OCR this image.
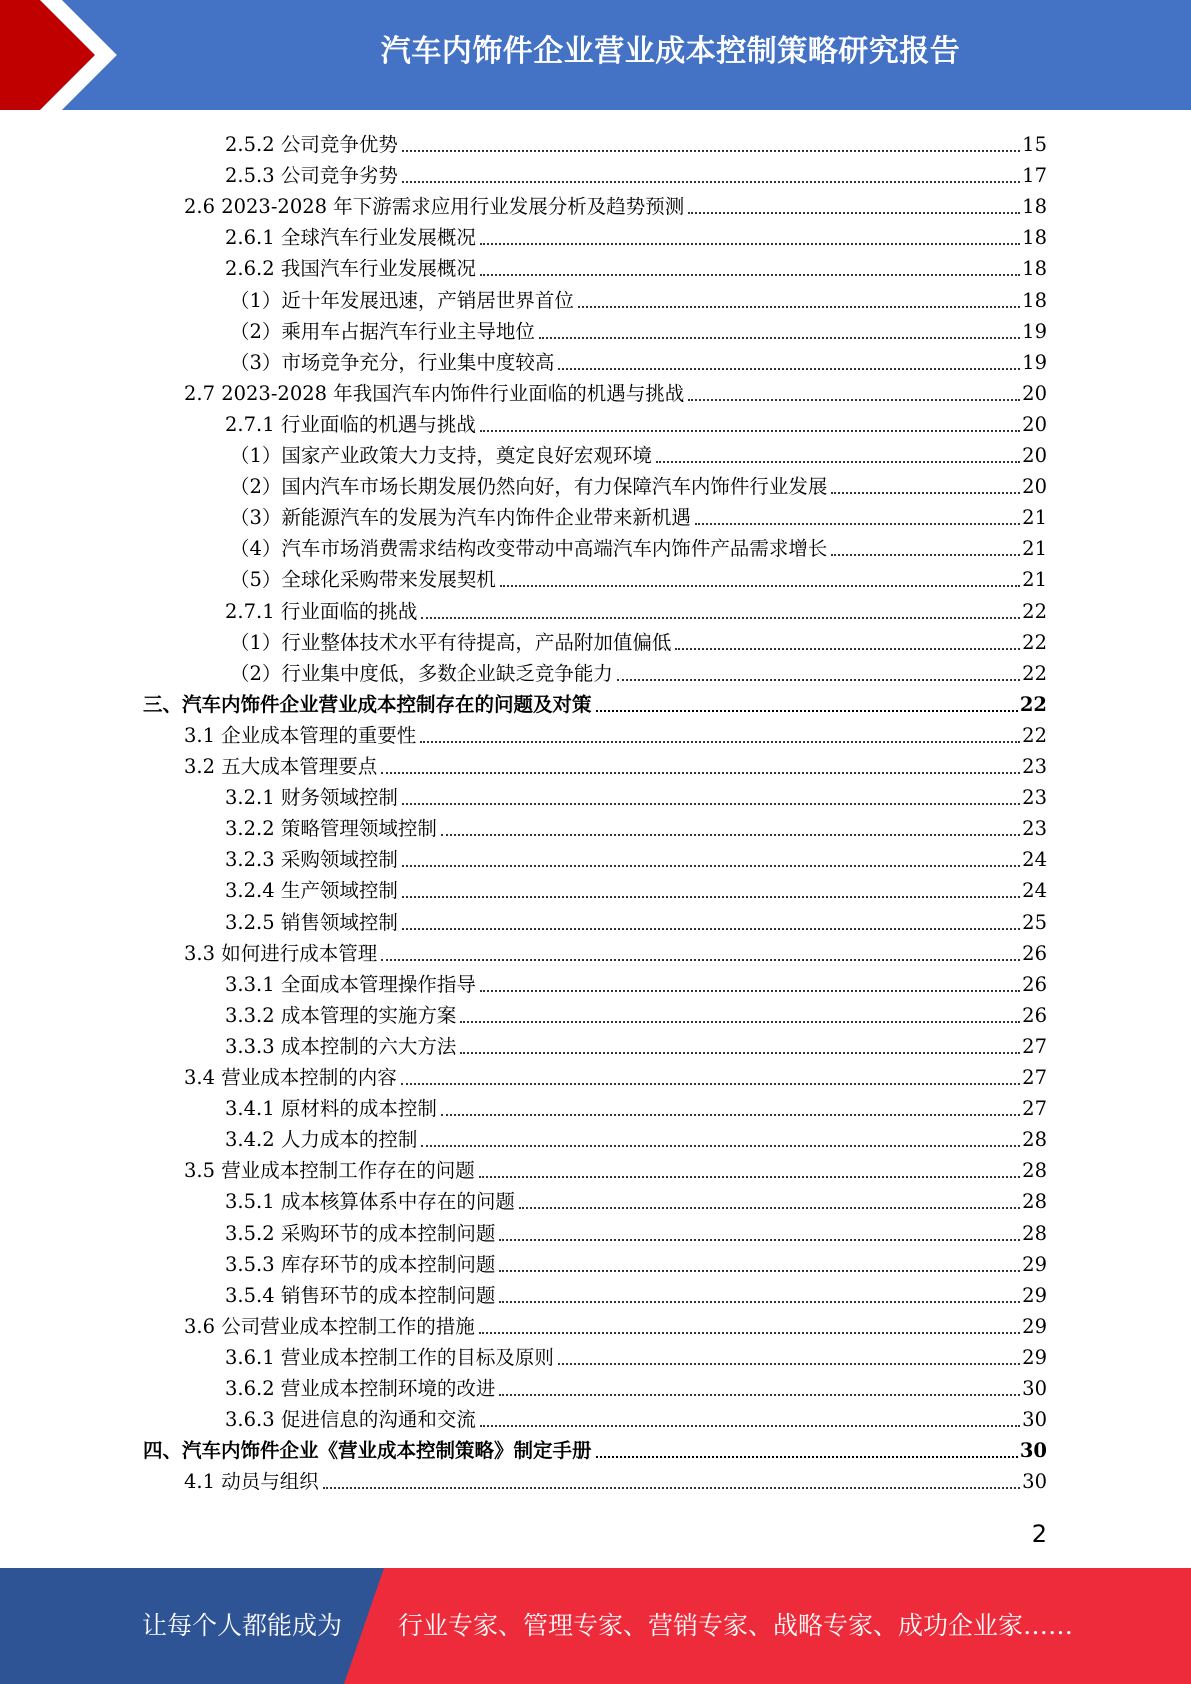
汽车内饰件企业营业成本控制策略研究报告
2.5.2 公司竞争优势	15
2.5.3 公司竞争劣势	17
2.6 2023-2028 年下游需求应用行业发展分析及趋势预测	18
2.6.1 全球汽车行业发展概况	18
2.6.2 我国汽车行业发展概况	18
（1）近十年发展迅速，产销居世界首位	18
（2）乘用车占据汽车行业主导地位	19
（3）市场竞争充分，行业集中度较高	19
2.7 2023-2028 年我国汽车内饰件行业面临的机遇与挑战	20
2.7.1 行业面临的机遇与挑战	20
（1）国家产业政策大力支持，奠定良好宏观环境	20
（2）国内汽车市场长期发展仍然向好，有力保障汽车内饰件行业发展	20
（3）新能源汽车的发展为汽车内饰件企业带来新机遇	21
（4）汽车市场消费需求结构改变带动中高端汽车内饰件产品需求增长	21
（5）全球化采购带来发展契机	21
2.7.1 行业面临的挑战	22
（1）行业整体技术水平有待提高，产品附加值偏低	22
（2）行业集中度低，多数企业缺乏竞争能力	22
三、汽车内饰件企业营业成本控制存在的问题及对策	22
3.1 企业成本管理的重要性	22
3.2 五大成本管理要点	23
3.2.1 财务领域控制	23
3.2.2 策略管理领域控制	23
3.2.3 采购领域控制	24
3.2.4 生产领域控制	24
3.2.5 销售领域控制	25
3.3 如何进行成本管理	26
3.3.1 全面成本管理操作指导	26
3.3.2 成本管理的实施方案	26
3.3.3 成本控制的六大方法	27
3.4 营业成本控制的内容	27
3.4.1 原材料的成本控制	27
3.4.2 人力成本的控制	28
3.5 营业成本控制工作存在的问题	28
3.5.1 成本核算体系中存在的问题	28
3.5.2 采购环节的成本控制问题	28
3.5.3 库存环节的成本控制问题	29
3.5.4 销售环节的成本控制问题	29
3.6 公司营业成本控制工作的措施	29
3.6.1 营业成本控制工作的目标及原则	29
3.6.2 营业成本控制环境的改进	30
3.6.3 促进信息的沟通和交流	30
四、汽车内饰件企业《营业成本控制策略》制定手册	30
4.1 动员与组织	30
2
让每个人都能成为 行业专家、管理专家、营销专家、战略专家、成功企业家……
